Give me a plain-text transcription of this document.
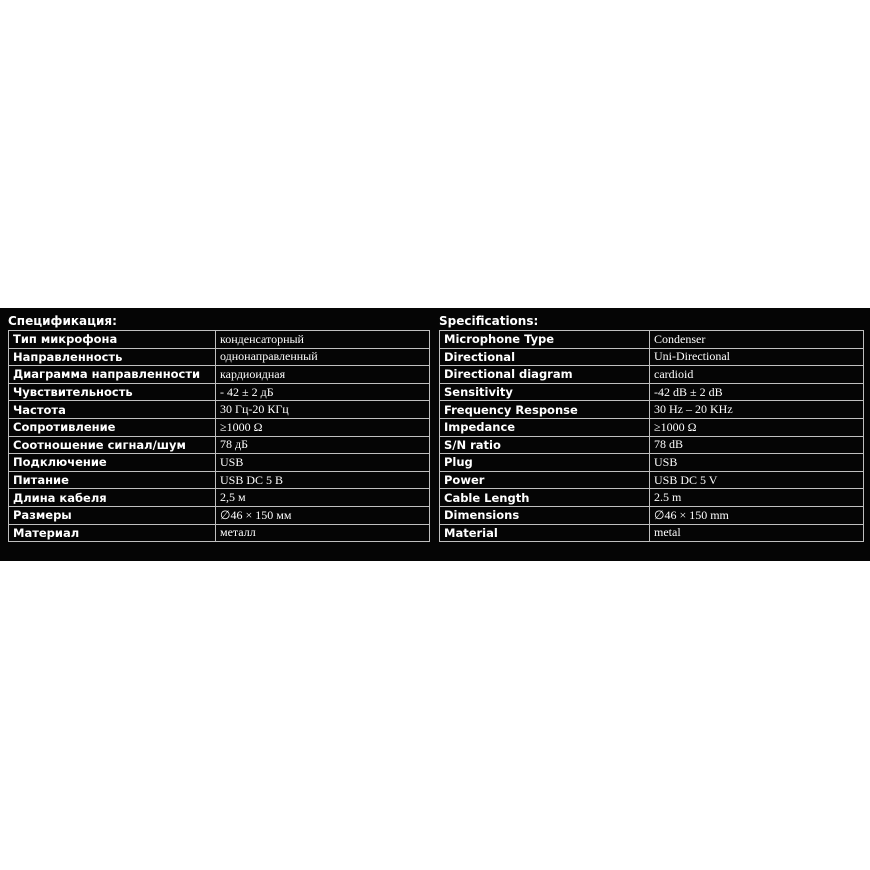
Спецификация:
Тип микрофона	конденсаторный
Направленность	однонаправленный
Диаграмма направленности	кардиоидная
Чувствительность	- 42 ± 2 дБ
Частота	30 Гц-20 КГц
Сопротивление	≥1000 Ω
Соотношение сигнал/шум	78 дБ
Подключение	USB
Питание	USB DC 5 В
Длина кабеля	2,5 м
Размеры	∅46 × 150 мм
Материал	металл
Specifications:
Microphone Type	Condenser
Directional	Uni-Directional
Directional diagram	cardioid
Sensitivity	-42 dB ± 2 dB
Frequency Response	30 Hz – 20 KHz
Impedance	≥1000 Ω
S/N ratio	78 dB
Plug	USB
Power	USB DC 5 V
Cable Length	2.5 m
Dimensions	∅46 × 150 mm
Material	metal
